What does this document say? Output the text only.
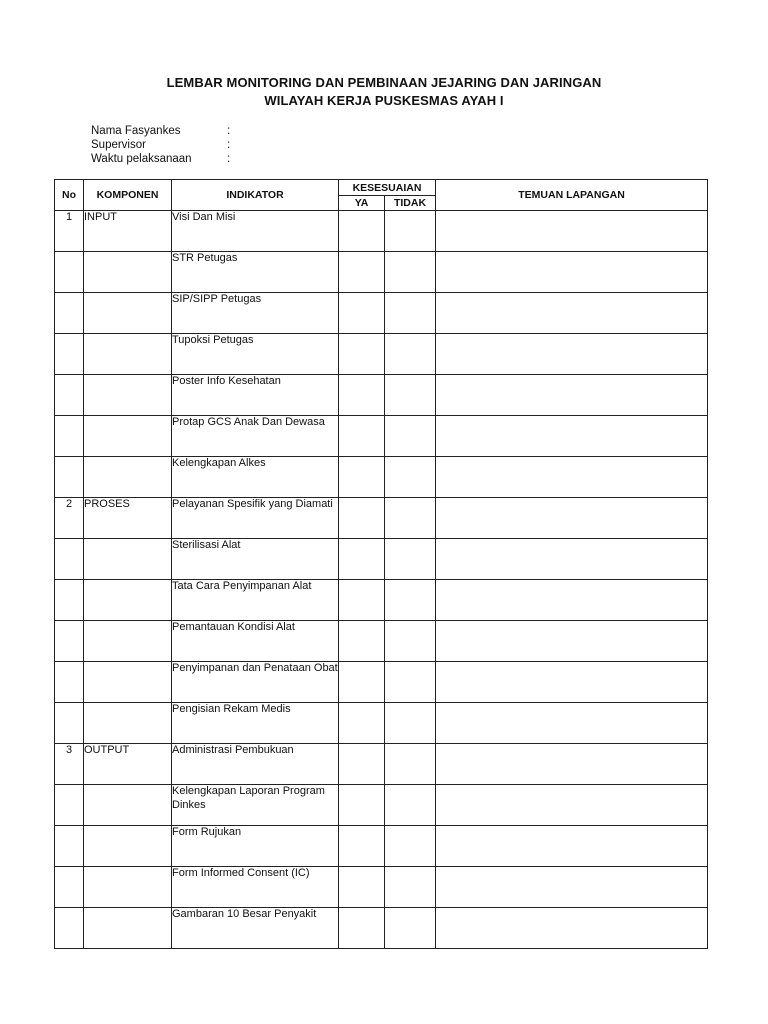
LEMBAR MONITORING DAN PEMBINAAN JEJARING DAN JARINGAN
WILAYAH KERJA PUSKESMAS AYAH I
Nama Fasyankes	:
Supervisor	:
Waktu pelaksanaan	:
No	KOMPONEN	INDIKATOR	KESESUAIAN		TEMUAN LAPANGAN
			YA	TIDAK	
1	INPUT	Visi Dan Misi			
		STR Petugas			
		SIP/SIPP Petugas			
		Tupoksi Petugas			
		Poster Info Kesehatan			
		Protap GCS Anak Dan Dewasa			
		Kelengkapan Alkes			
2	PROSES	Pelayanan Spesifik yang Diamati			
		Sterilisasi Alat			
		Tata Cara Penyimpanan Alat			
		Pemantauan Kondisi Alat			
		Penyimpanan dan Penataan Obat			
		Pengisian Rekam Medis			
3	OUTPUT	Administrasi Pembukuan			
		Kelengkapan Laporan Program Dinkes			
		Form Rujukan			
		Form Informed Consent (IC)			
		Gambaran 10 Besar Penyakit			
